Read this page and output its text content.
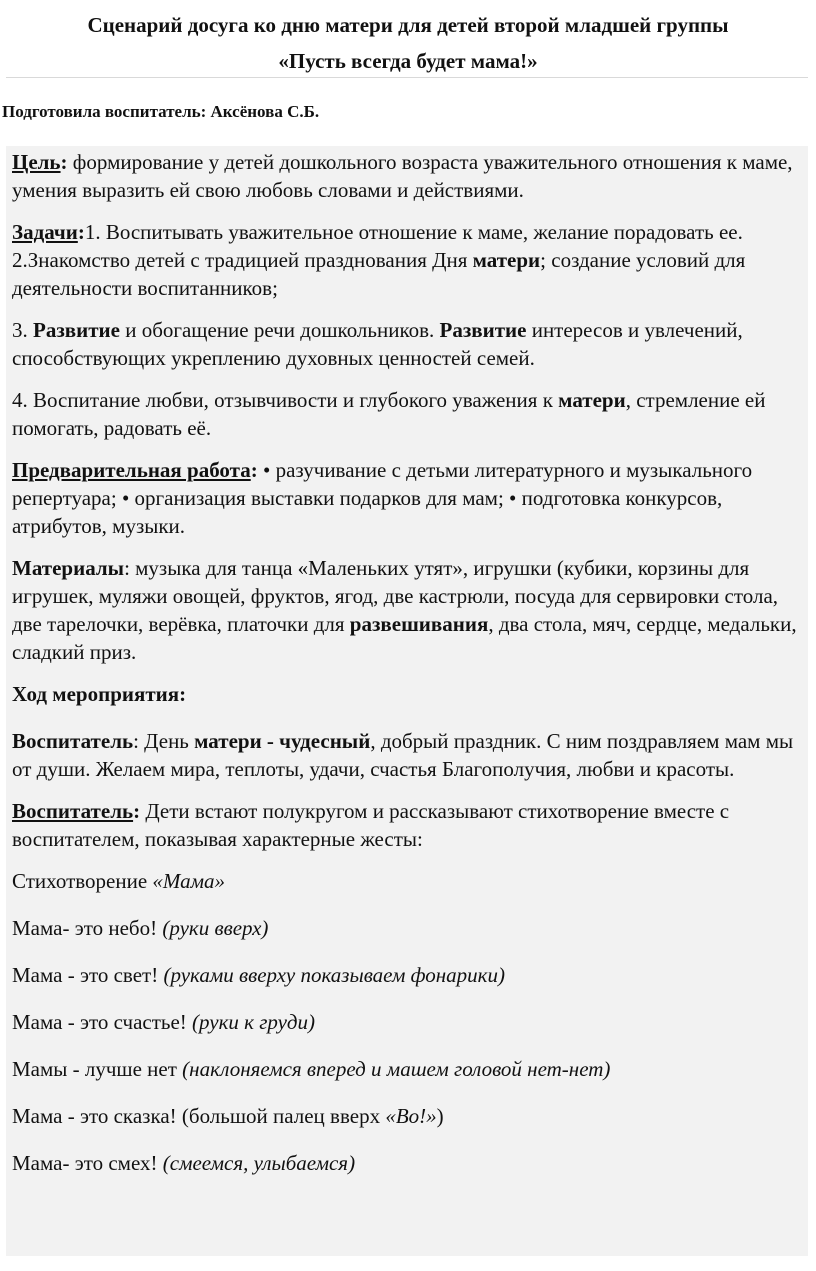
Сценарий досуга ко дню матери для детей второй младшей группы
«Пусть всегда будет мама!»
Подготовила воспитатель: Аксёнова С.Б.

Цель: формирование у детей дошкольного возраста уважительного отношения к маме, умения выразить ей свою любовь словами и действиями.

Задачи:1. Воспитывать уважительное отношение к маме, желание порадовать ее. 2.Знакомство детей с традицией празднования Дня матери; создание условий для деятельности воспитанников;

3. Развитие и обогащение речи дошкольников. Развитие интересов и увлечений, способствующих укреплению духовных ценностей семей.

4. Воспитание любви, отзывчивости и глубокого уважения к матери, стремление ей помогать, радовать её.

Предварительная работа: • разучивание с детьми литературного и музыкального репертуара; • организация выставки подарков для мам; • подготовка конкурсов, атрибутов, музыки.

Материалы: музыка для танца «Маленьких утят», игрушки (кубики, корзины для игрушек, муляжи овощей, фруктов, ягод, две кастрюли, посуда для сервировки стола, две тарелочки, верёвка, платочки для развешивания, два стола, мяч, сердце, медальки, сладкий приз.

Ход мероприятия:

Воспитатель: День матери - чудесный, добрый праздник. С ним поздравляем мам мы от души. Желаем мира, теплоты, удачи, счастья Благополучия, любви и красоты.

Воспитатель: Дети встают полукругом и рассказывают стихотворение вместе с воспитателем, показывая характерные жесты:

Стихотворение «Мама»

Мама- это небо! (руки вверх)

Мама - это свет! (руками вверху показываем фонарики)

Мама - это счастье! (руки к груди)

Мамы - лучше нет (наклоняемся вперед и машем головой нет-нет)

Мама - это сказка! (большой палец вверх «Во!»)

Мама- это смех! (смеемся, улыбаемся)
